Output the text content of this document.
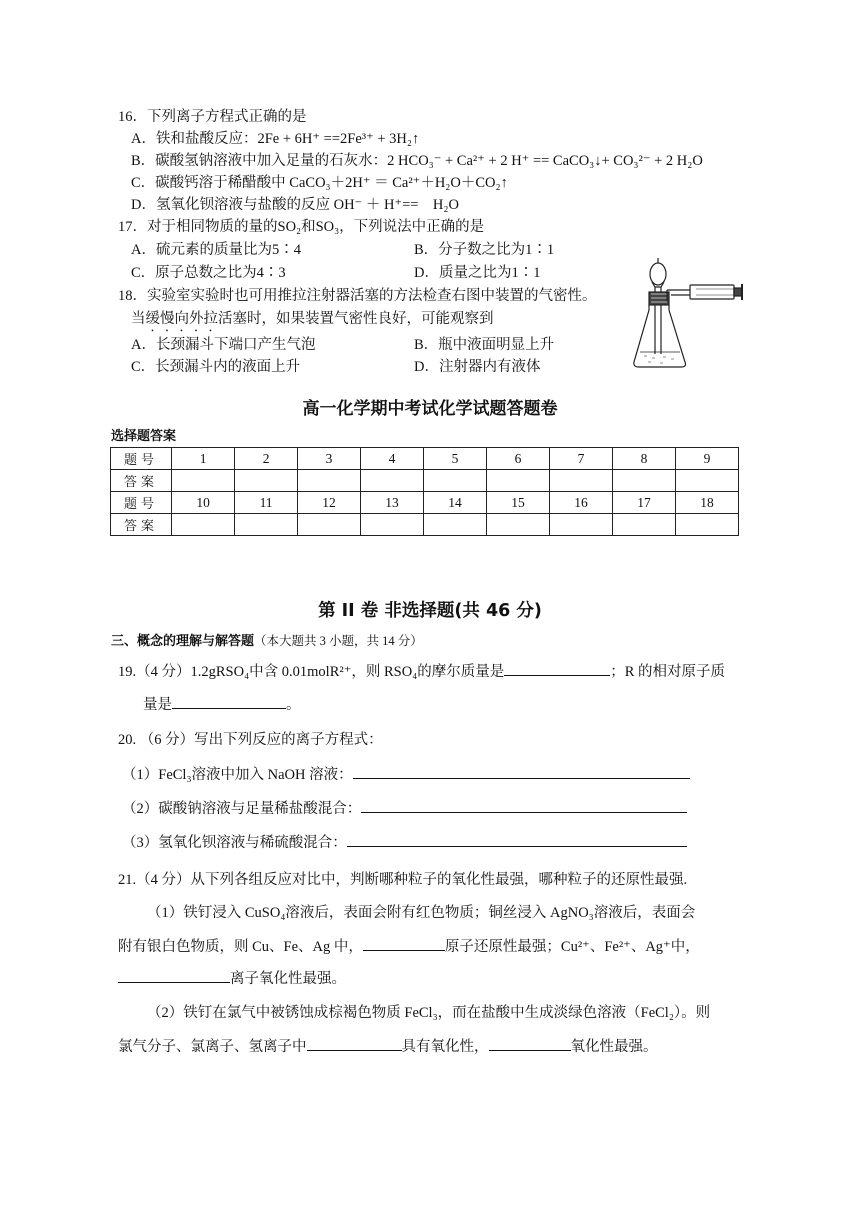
16．下列离子方程式正确的是
A．铁和盐酸反应：2Fe + 6H⁺ ==2Fe³⁺ + 3H₂↑
B．碳酸氢钠溶液中加入足量的石灰水：2 HCO₃⁻ + Ca²⁺ + 2 H⁺ == CaCO₃↓+ CO₃²⁻ + 2 H₂O
C．碳酸钙溶于稀醋酸中 CaCO₃＋2H⁺ ＝ Ca²⁺＋H₂O＋CO₂↑
D．氢氧化钡溶液与盐酸的反应 OH⁻ ＋ H⁺==　H₂O
17．对于相同物质的量的SO₂和SO₃，下列说法中正确的是
A．硫元素的质量比为5∶4	B．分子数之比为1∶1
C．原子总数之比为4∶3	D．质量之比为1∶1
18．实验室实验时也可用推拉注射器活塞的方法检查右图中装置的气密性。
当缓慢向外拉活塞时，如果装置气密性良好，可能观察到
A．长颈漏斗下端口产生气泡	B．瓶中液面明显上升
C．长颈漏斗内的液面上升	D．注射器内有液体
高一化学期中考试化学试题答题卷
选择题答案
题号	1	2	3	4	5	6	7	8	9
答案									
题号	10	11	12	13	14	15	16	17	18
答案									
第 II 卷 非选择题(共 46 分)
三、概念的理解与解答题（本大题共 3 小题，共 14 分）
19.（4 分）1.2gRSO₄中含 0.01molR²⁺，则 RSO₄的摩尔质量是	；R 的相对原子质
量是	。
20. （6 分）写出下列反应的离子方程式：
（1）FeCl₃溶液中加入 NaOH 溶液：
（2）碳酸钠溶液与足量稀盐酸混合：
（3）氢氧化钡溶液与稀硫酸混合：
21.（4 分）从下列各组反应对比中，判断哪种粒子的氧化性最强，哪种粒子的还原性最强.
（1）铁钉浸入 CuSO₄溶液后，表面会附有红色物质；铜丝浸入 AgNO₃溶液后，表面会
附有银白色物质，则 Cu、Fe、Ag 中，	原子还原性最强；Cu²⁺、Fe²⁺、Ag⁺中，
离子氧化性最强。
（2）铁钉在氯气中被锈蚀成棕褐色物质 FeCl₃，而在盐酸中生成淡绿色溶液（FeCl₂）。则
氯气分子、氯离子、氢离子中	具有氧化性，	氧化性最强。
